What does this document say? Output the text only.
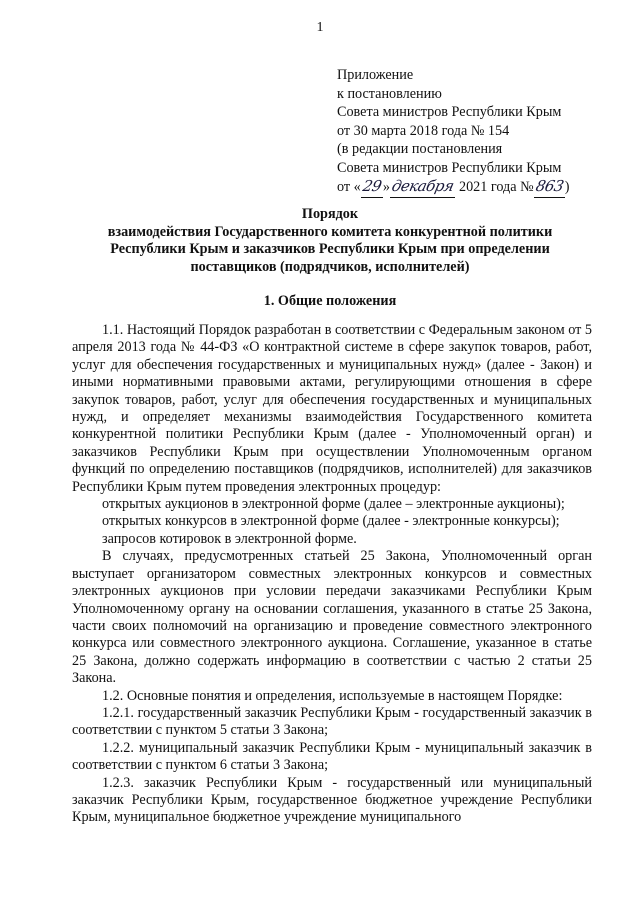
1
Приложение
к постановлению
Совета министров Республики Крым
от 30 марта 2018 года № 154
(в редакции постановления
Совета министров Республики Крым
от «29»декабря 2021 года №863)
Порядок
взаимодействия Государственного комитета конкурентной политики
Республики Крым и заказчиков Республики Крым при определении
поставщиков (подрядчиков, исполнителей)
1. Общие положения

1.1. Настоящий Порядок разработан в соответствии с Федеральным законом от 5 апреля 2013 года № 44-ФЗ «О контрактной системе в сфере закупок товаров, работ, услуг для обеспечения государственных и муниципальных нужд» (далее - Закон) и иными нормативными правовыми актами, регулирующими отношения в сфере закупок товаров, работ, услуг для обеспечения государственных и муниципальных нужд, и определяет механизмы взаимодействия Государственного комитета конкурентной политики Республики Крым (далее - Уполномоченный орган) и заказчиков Республики Крым при осуществлении Уполномоченным органом функций по определению поставщиков (подрядчиков, исполнителей) для заказчиков Республики Крым путем проведения электронных процедур:

открытых аукционов в электронной форме (далее – электронные аукционы);

открытых конкурсов в электронной форме (далее - электронные конкурсы);

запросов котировок в электронной форме.

В случаях, предусмотренных статьей 25 Закона, Уполномоченный орган выступает организатором совместных электронных конкурсов и совместных электронных аукционов при условии передачи заказчиками Республики Крым Уполномоченному органу на основании соглашения, указанного в статье 25 Закона, части своих полномочий на организацию и проведение совместного электронного конкурса или совместного электронного аукциона. Соглашение, указанное в статье 25 Закона, должно содержать информацию в соответствии с частью 2 статьи 25 Закона.

1.2. Основные понятия и определения, используемые в настоящем Порядке:

1.2.1. государственный заказчик Республики Крым - государственный заказчик в соответствии с пунктом 5 статьи 3 Закона;

1.2.2. муниципальный заказчик Республики Крым - муниципальный заказчик в соответствии с пунктом 6 статьи 3 Закона;

1.2.3. заказчик Республики Крым - государственный или муниципальный заказчик Республики Крым, государственное бюджетное учреждение Республики Крым, муниципальное бюджетное учреждение муниципального
